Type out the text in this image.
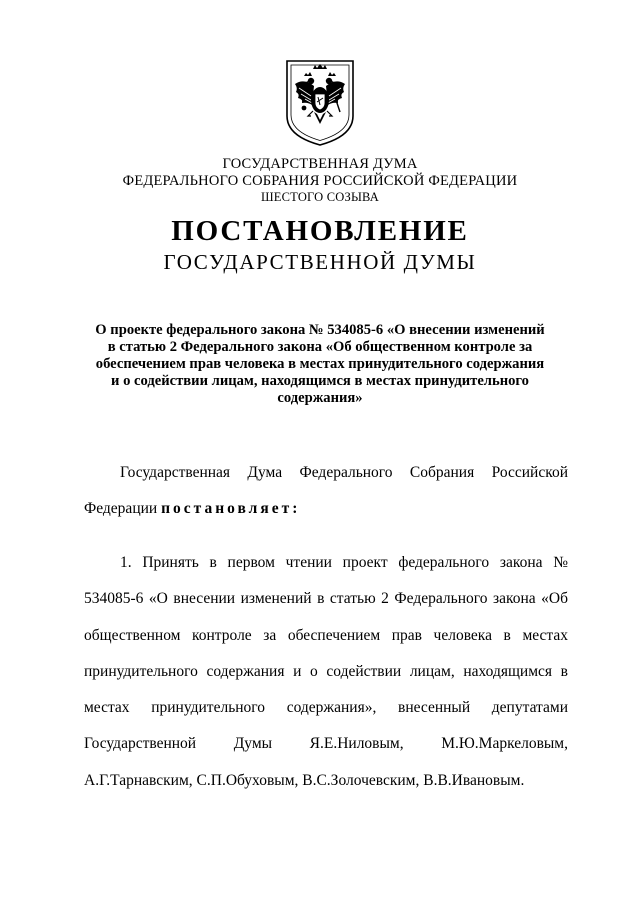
ГОСУДАРСТВЕННАЯ ДУМА
ФЕДЕРАЛЬНОГО СОБРАНИЯ РОССИЙСКОЙ ФЕДЕРАЦИИ
ШЕСТОГО СОЗЫВА
ПОСТАНОВЛЕНИЕ
ГОСУДАРСТВЕННОЙ ДУМЫ
О проекте федерального закона № 534085-6 «О внесении изменений в статью 2 Федерального закона «Об общественном контроле за обеспечением прав человека в местах принудительного содержания и о содействии лицам, находящимся в местах принудительного содержания»
Государственная Дума Федерального Собрания Российской Федерации постановляет:
1. Принять в первом чтении проект федерального закона № 534085-6 «О внесении изменений в статью 2 Федерального закона «Об общественном контроле за обеспечением прав человека в местах принудительного содержания и о содействии лицам, находящимся в местах принудительного содержания», внесенный депутатами Государственной Думы Я.Е.Ниловым, М.Ю.Маркеловым, А.Г.Тарнавским, С.П.Обуховым, В.С.Золочевским, В.В.Ивановым.
